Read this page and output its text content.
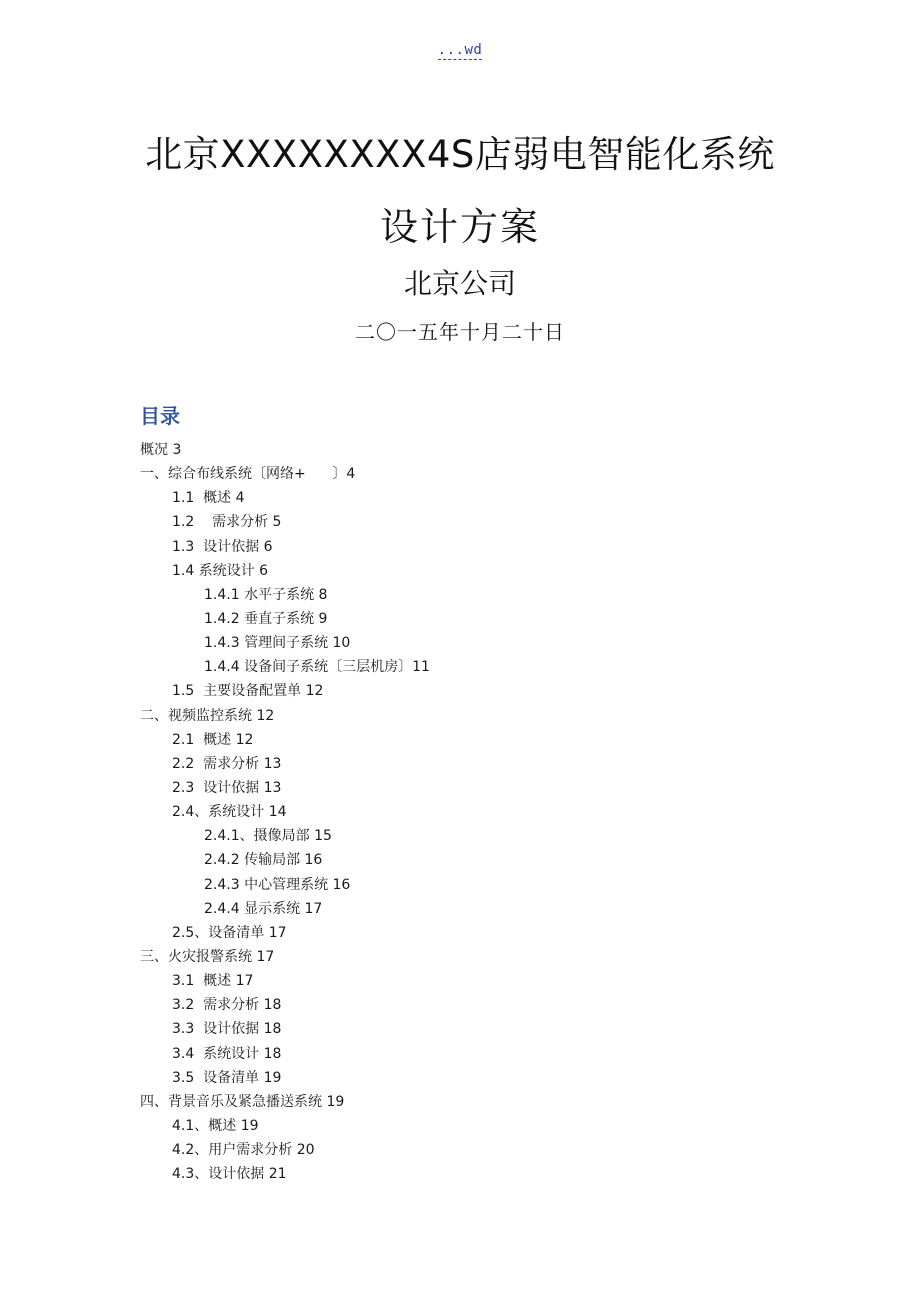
...wd
北京XXXXXXXX4S店弱电智能化系统
设计方案
北京公司
二〇一五年十月二十日
目录
概况 3
一、综合布线系统〔网络+      〕4
1.1  概述 4
1.2    需求分析 5
1.3  设计依据 6
1.4 系统设计 6
1.4.1 水平子系统 8
1.4.2 垂直子系统 9
1.4.3 管理间子系统 10
1.4.4 设备间子系统〔三层机房〕11
1.5  主要设备配置单 12
二、视频监控系统 12
2.1  概述 12
2.2  需求分析 13
2.3  设计依据 13
2.4、系统设计 14
2.4.1、摄像局部 15
2.4.2 传输局部 16
2.4.3 中心管理系统 16
2.4.4 显示系统 17
2.5、设备清单 17
三、火灾报警系统 17
3.1  概述 17
3.2  需求分析 18
3.3  设计依据 18
3.4  系统设计 18
3.5  设备清单 19
四、背景音乐及紧急播送系统 19
4.1、概述 19
4.2、用户需求分析 20
4.3、设计依据 21
